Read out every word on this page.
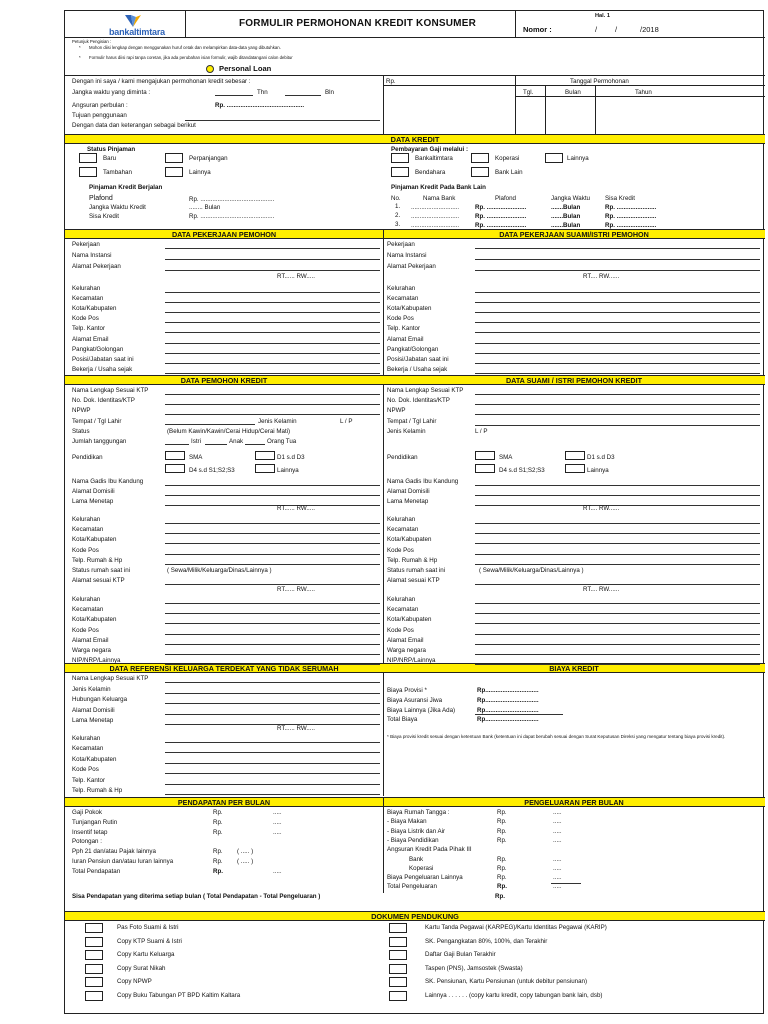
bankaltimtara
FORMULIR PERMOHONAN KREDIT KONSUMER
Hal. 1
Nomor :	/ /	/2018
Petunjuk Pengisian :
* Mohon diisi lengkap dengan menggunakan huruf cetak dan melampirkan data-data yang dibutuhkan.
* Formulir harus diisi rapi tanpa coretan, jika ada perubahan isian formulir, wajib ditandatangani calon debitur
Personal Loan
Dengan ini saya / kami mengajukan permohonan kredit sebesar :	Rp.	Tanggal Permohonan
Jangka waktu yang diminta :	Thn	Bln	Tgl.	Bulan	Tahun
Angsuran perbulan :	Rp. .............................................
Tujuan penggunaan
Dengan data dan keterangan sebagai berikut
DATA KREDIT
Status Pinjaman
Baru	Perpanjangan
Tambahan	Lainnya
Pembayaran Gaji melalui :
Bankaltimtara	Koperasi	Lainnya
Bendahara	Bank Lain
Pinjaman Kredit Berjalan
Plafond	Rp. ...........................................
Jangka Waktu Kredit	........ Bulan
Sisa Kredit	Rp. ...........................................
Pinjaman Kredit Pada Bank Lain
No.	Nama Bank	Plafond	Jangka Waktu Sisa Kredit
1. ............................	Rp. .......................	.......Bulan	Rp. .......................
2. ............................	Rp. .......................	.......Bulan	Rp. .......................
3. ............................	Rp. .......................	.......Bulan	Rp. .......................
DATA PEKERJAAN PEMOHON	DATA PEKERJAAN SUAMI/ISTRI PEMOHON
DATA PEMOHON KREDIT	DATA SUAMI / ISTRI PEMOHON KREDIT
DATA REFERENSI KELUARGA TERDEKAT YANG TIDAK SERUMAH	BIAYA KREDIT
PENDAPATAN PER BULAN	PENGELUARAN PER BULAN
Sisa Pendapatan yang diterima setiap bulan ( Total Pendapatan - Total Pengeluaran )	Rp.
DOKUMEN PENDUKUNG
Pekerjaan	Pekerjaan
Nama Instansi	Nama Instansi
Alamat Pekerjaan	Alamat Pekerjaan
RT...... RW.....	RT.... RW......
Kelurahan	Kelurahan
Kecamatan	Kecamatan
Kota/Kabupaten	Kota/Kabupaten
Kode Pos	Kode Pos
Telp. Kantor	Telp. Kantor
Alamat Email	Alamat Email
Pangkat/Golongan	Pangkat/Golongan
Posisi/Jabatan saat ini	Posisi/Jabatan saat ini
Bekerja / Usaha sejak	Bekerja / Usaha sejak
Nama Lengkap Sesuai KTP	Nama Lengkap Sesuai KTP
No. Dok. Identitas/KTP	No. Dok. Identitas/KTP
NPWP	NPWP
Tempat / Tgl Lahir	Tempat / Tgl Lahir
Jenis Kelamin	L / P
Jenis Kelamin	L / P
Status	(Belum Kawin/Kawin/Cerai Hidup/Cerai Mati)
Jumlah tanggungan	Istri	Anak	Orang Tua
Pendidikan	SMA	D1 s.d D3
D4 s.d S1;S2;S3	Lainnya
Pendidikan	SMA	D1 s.d D3
D4 s.d S1;S2;S3	Lainnya
Nama Gadis Ibu Kandung	Nama Gadis Ibu Kandung
Alamat Domisili	Alamat Domisili
Lama Menetap	Lama Menetap
RT...... RW.....	RT.... RW......
Kelurahan	Kelurahan
Kecamatan	Kecamatan
Kota/Kabupaten	Kota/Kabupaten
Kode Pos	Kode Pos
Telp. Rumah & Hp	Telp. Rumah & Hp
Status rumah saat ini	( Sewa/Milik/Keluarga/Dinas/Lainnya )	Status rumah saat ini	( Sewa/Milik/Keluarga/Dinas/Lainnya )
Alamat sesuai KTP	Alamat sesuai KTP
RT...... RW.....	RT.... RW......
Kelurahan	Kelurahan
Kecamatan	Kecamatan
Kota/Kabupaten	Kota/Kabupaten
Kode Pos	Kode Pos
Alamat Email	Alamat Email
Warga negara	Warga negara
NIP/NRP/Lainnya	NIP/NRP/Lainnya
Nama Lengkap Sesuai KTP
Jenis Kelamin
Hubungan Keluarga
Alamat Domisili
Lama Menetap
RT...... RW.....
Kelurahan
Kecamatan
Kota/Kabupaten
Kode Pos
Telp. Kantor
Telp. Rumah & Hp
Biaya Provisi *	Rp...............................
Biaya Asuransi Jiwa	Rp...............................
Biaya Lainnya (Jika Ada)	Rp...............................
Total Biaya	Rp...............................
* Biaya provisi kredit sesuai dengan ketentuan Bank (ketentuan ini dapat berubah sesuai dengan Surat Keputusan Direksi yang mengatur tentang biaya provisi kredit).
Gaji Pokok	Rp.	.....
Tunjangan Rutin	Rp.	.....
Insentif tetap	Rp.	.....
Potongan :
Pph 21 dan/atau Pajak lainnya	Rp. ( ..... )
Iuran Pensiun dan/atau Iuran lainnya	Rp. ( ..... )
Total Pendapatan	Rp.	.....
Biaya Rumah Tangga :	Rp.	.....
- Biaya Makan	Rp.	.....
- Biaya Listrik dan Air	Rp.	.....
- Biaya Pendidikan	Rp.	.....
Angsuran Kredit Pada Pihak III
Bank	Rp.	.....
Koperasi	Rp.	.....
Biaya Pengeluaran Lainnya	Rp.	.....
Total Pengeluaran	Rp.	.....
Pas Foto Suami & Istri
Copy KTP Suami & Istri
Copy Kartu Keluarga
Copy Surat Nikah
Copy NPWP
Copy Buku Tabungan PT BPD Kaltim Kaltara
Kartu Tanda Pegawai (KARPEG)/Kartu Identitas Pegawai (KARIP)
SK. Pengangkatan 80%, 100%, dan Terakhir
Daftar Gaji Bulan Terakhir
Taspen (PNS), Jamsostek (Swasta)
SK. Pensiunan, Kartu Pensiunan (untuk debitur pensiunan)
Lainnya . . . . . . (copy kartu kredit, copy tabungan bank lain, dsb)
